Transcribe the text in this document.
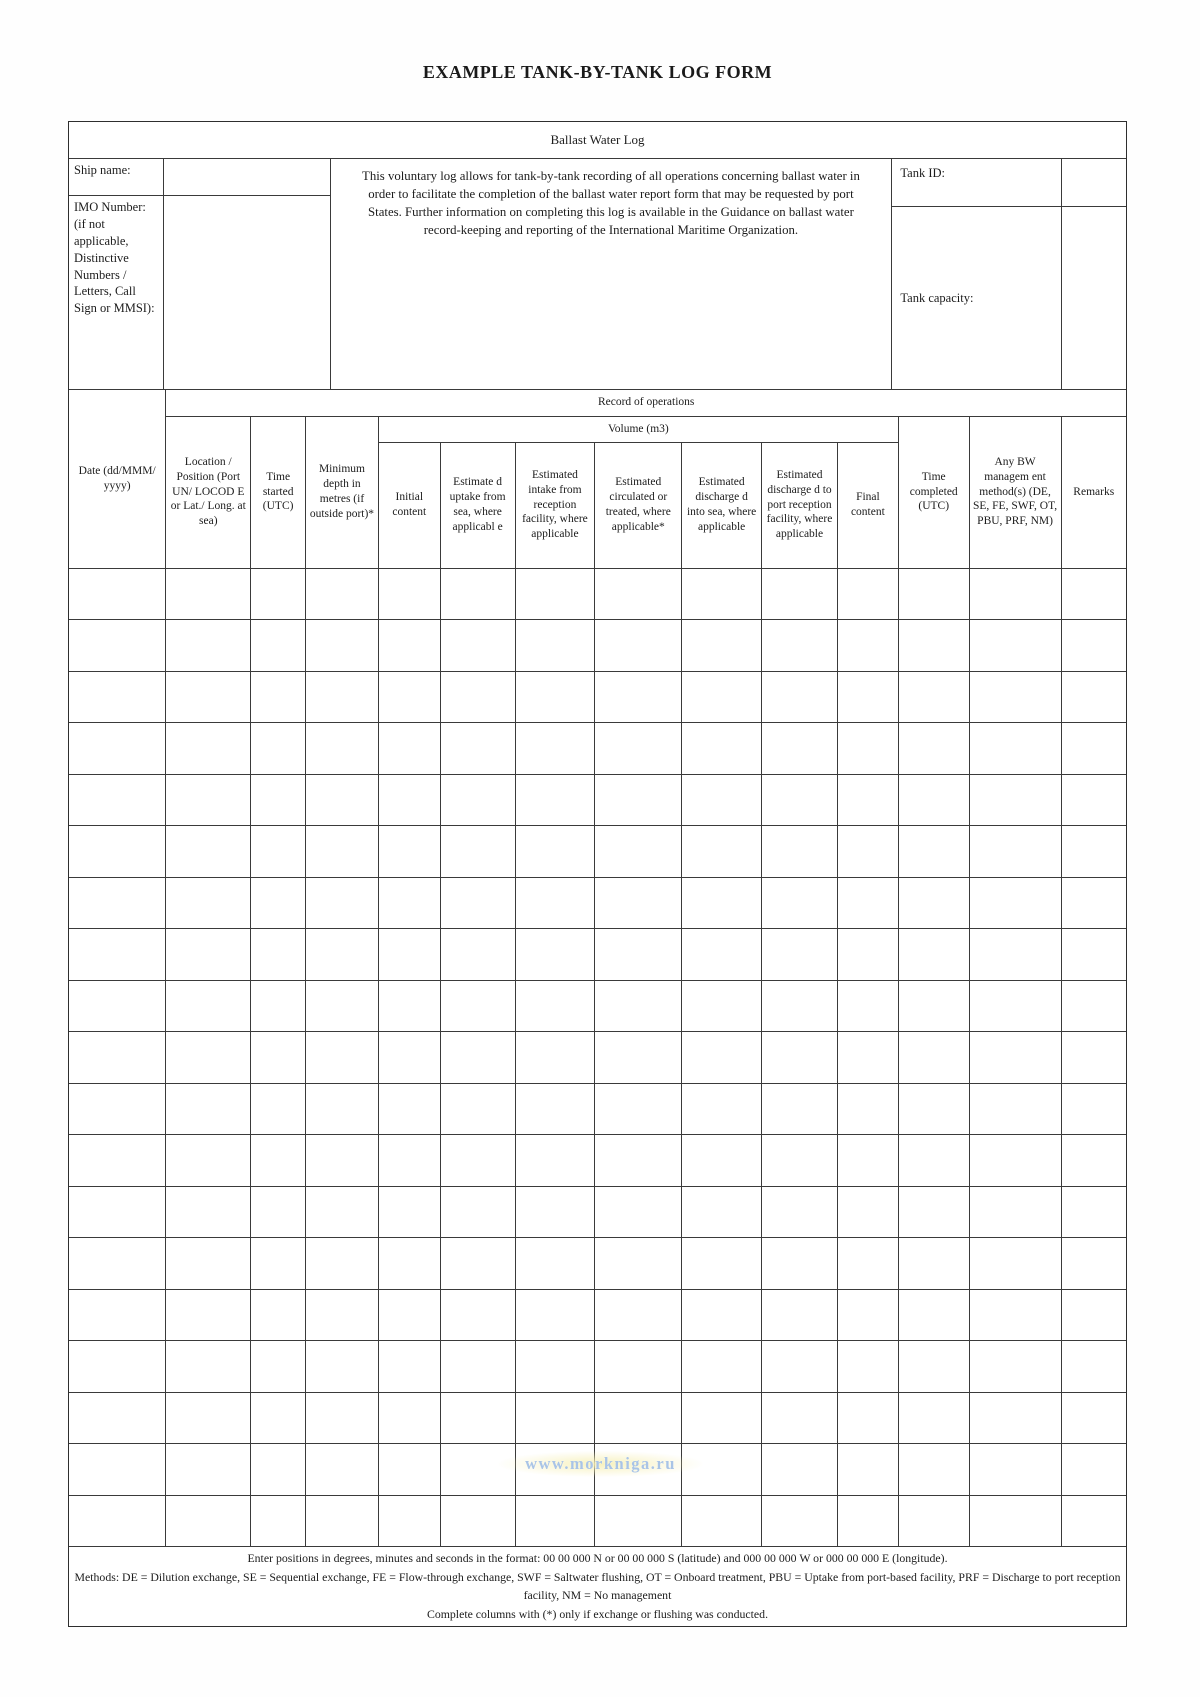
EXAMPLE TANK-BY-TANK LOG FORM
Ballast Water Log
Ship name:
IMO Number: (if not applicable, Distinctive Numbers / Letters, Call Sign or MMSI):
This voluntary log allows for tank-by-tank recording of all operations concerning ballast water in order to facilitate the completion of the ballast water report form that may be requested by port States. Further information on completing this log is available in the Guidance on ballast water record-keeping and reporting of the International Maritime Organization.
Tank ID:
Tank capacity:
Date (dd/MMM/ yyyy)	Record of operations												
	Location / Position (Port UN/ LOCOD E or Lat./ Long. at sea)	Time started (UTC)	Minimum depth in metres (if outside port)*	Volume (m3)							Time completed (UTC)	Any BW managem ent method(s) (DE, SE, FE, SWF, OT, PBU, PRF, NM)	Remarks
				Initial content	Estimate d uptake from sea, where applicabl e	Estimated intake from reception facility, where applicable	Estimated circulated or treated, where applicable*	Estimated discharge d into sea, where applicable	Estimated discharge d to port reception facility, where applicable	Final content			

Enter positions in degrees, minutes and seconds in the format: 00 00 000 N or 00 00 000 S (latitude) and 000 00 000 W or 000 00 000 E (longitude).
Methods: DE = Dilution exchange, SE = Sequential exchange, FE = Flow-through exchange, SWF = Saltwater flushing, OT = Onboard treatment, PBU = Uptake from port-based facility, PRF = Discharge to port reception facility, NM = No management
Complete columns with (*) only if exchange or flushing was conducted.													
www.morkniga.ru
